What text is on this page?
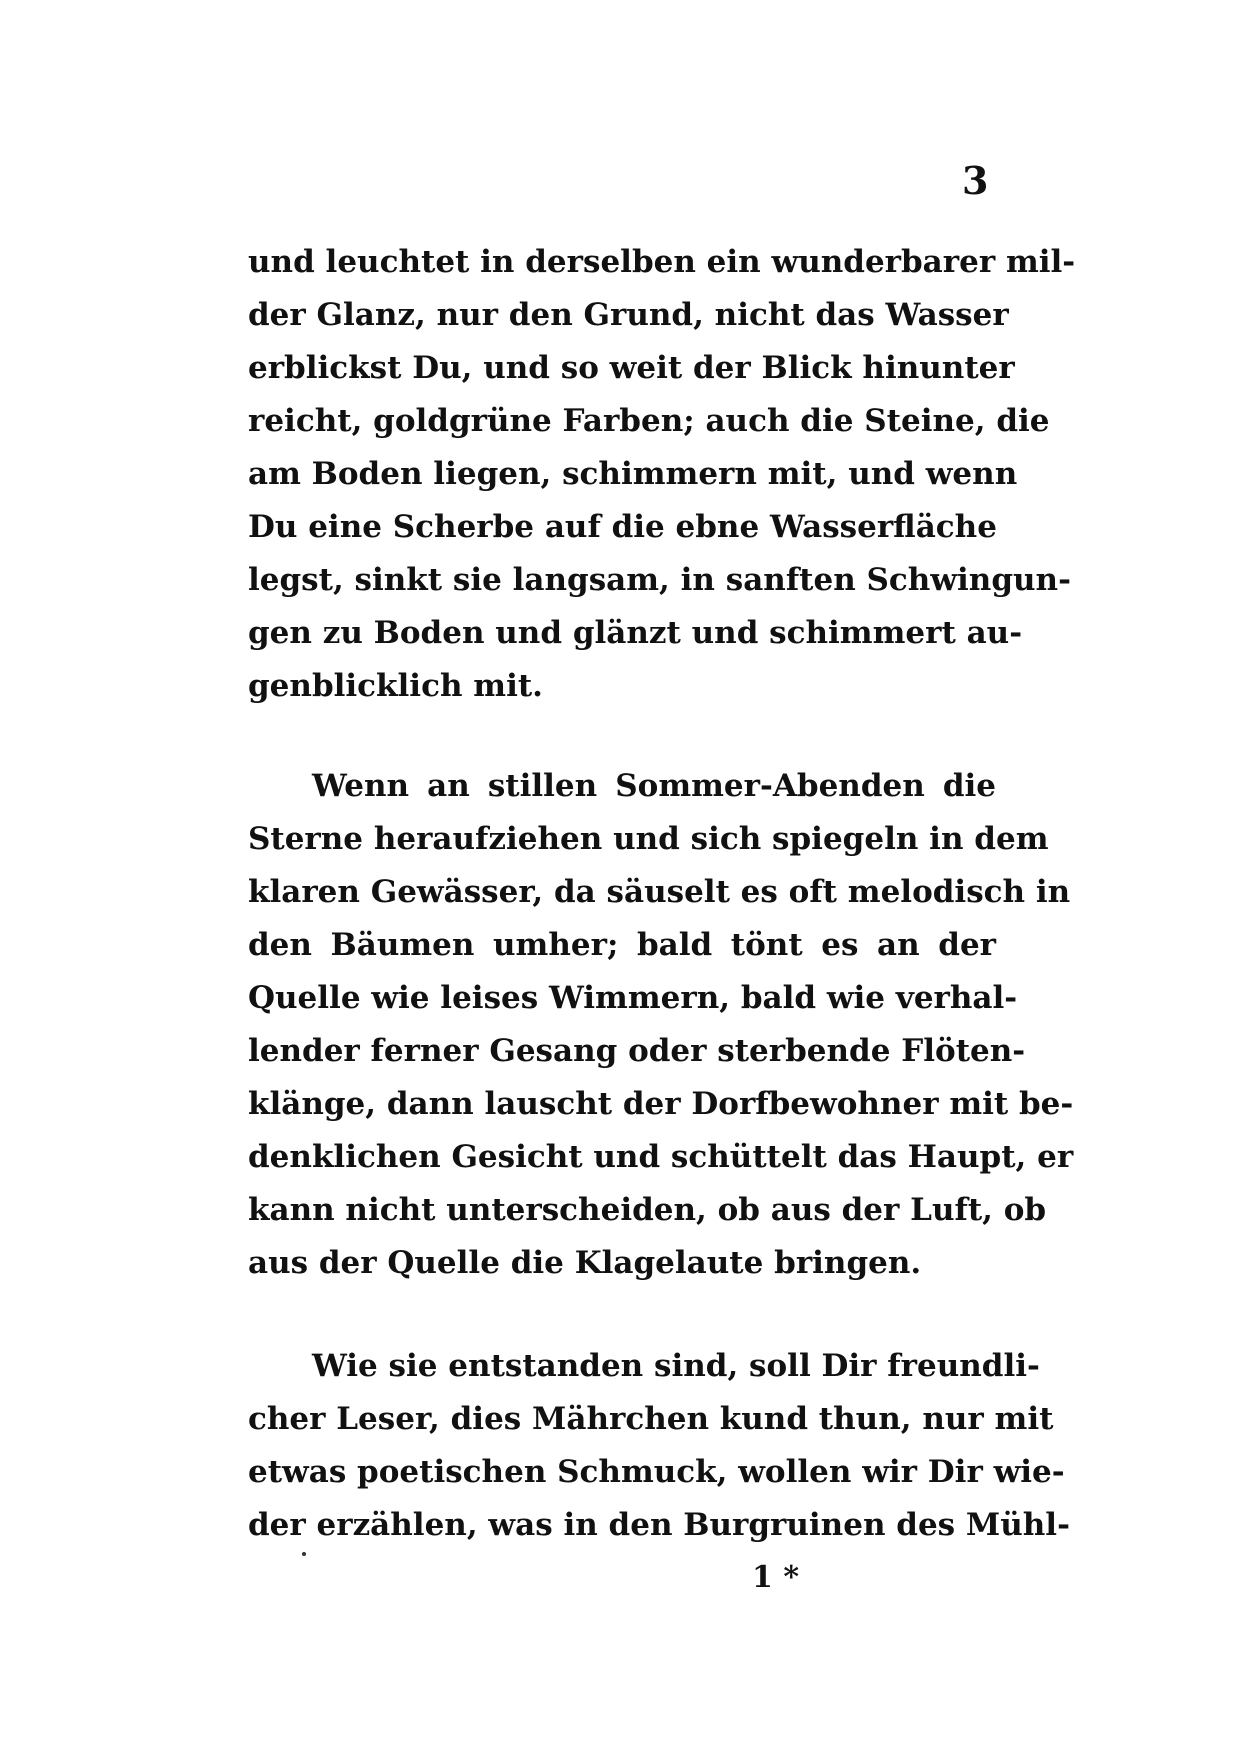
3
und leuchtet in derselben ein wunderbarer mil-
der Glanz, nur den Grund, nicht das Wasser
erblickst Du, und so weit der Blick hinunter
reicht, goldgrüne Farben; auch die Steine, die
am Boden liegen, schimmern mit, und wenn
Du eine Scherbe auf die ebne Wasserfläche
legst, sinkt sie langsam, in sanften Schwingun-
gen zu Boden und glänzt und schimmert au-
genblicklich mit.
Wenn an stillen Sommer-Abenden die
Sterne heraufziehen und sich spiegeln in dem
klaren Gewässer, da säuselt es oft melodisch in
den Bäumen umher; bald tönt es an der
Quelle wie leises Wimmern, bald wie verhal-
lender ferner Gesang oder sterbende Flöten-
klänge, dann lauscht der Dorfbewohner mit be-
denklichen Gesicht und schüttelt das Haupt, er
kann nicht unterscheiden, ob aus der Luft, ob
aus der Quelle die Klagelaute bringen.
Wie sie entstanden sind, soll Dir freundli-
cher Leser, dies Mährchen kund thun, nur mit
etwas poetischen Schmuck, wollen wir Dir wie-
der erzählen, was in den Burgruinen des Mühl-
1 *
